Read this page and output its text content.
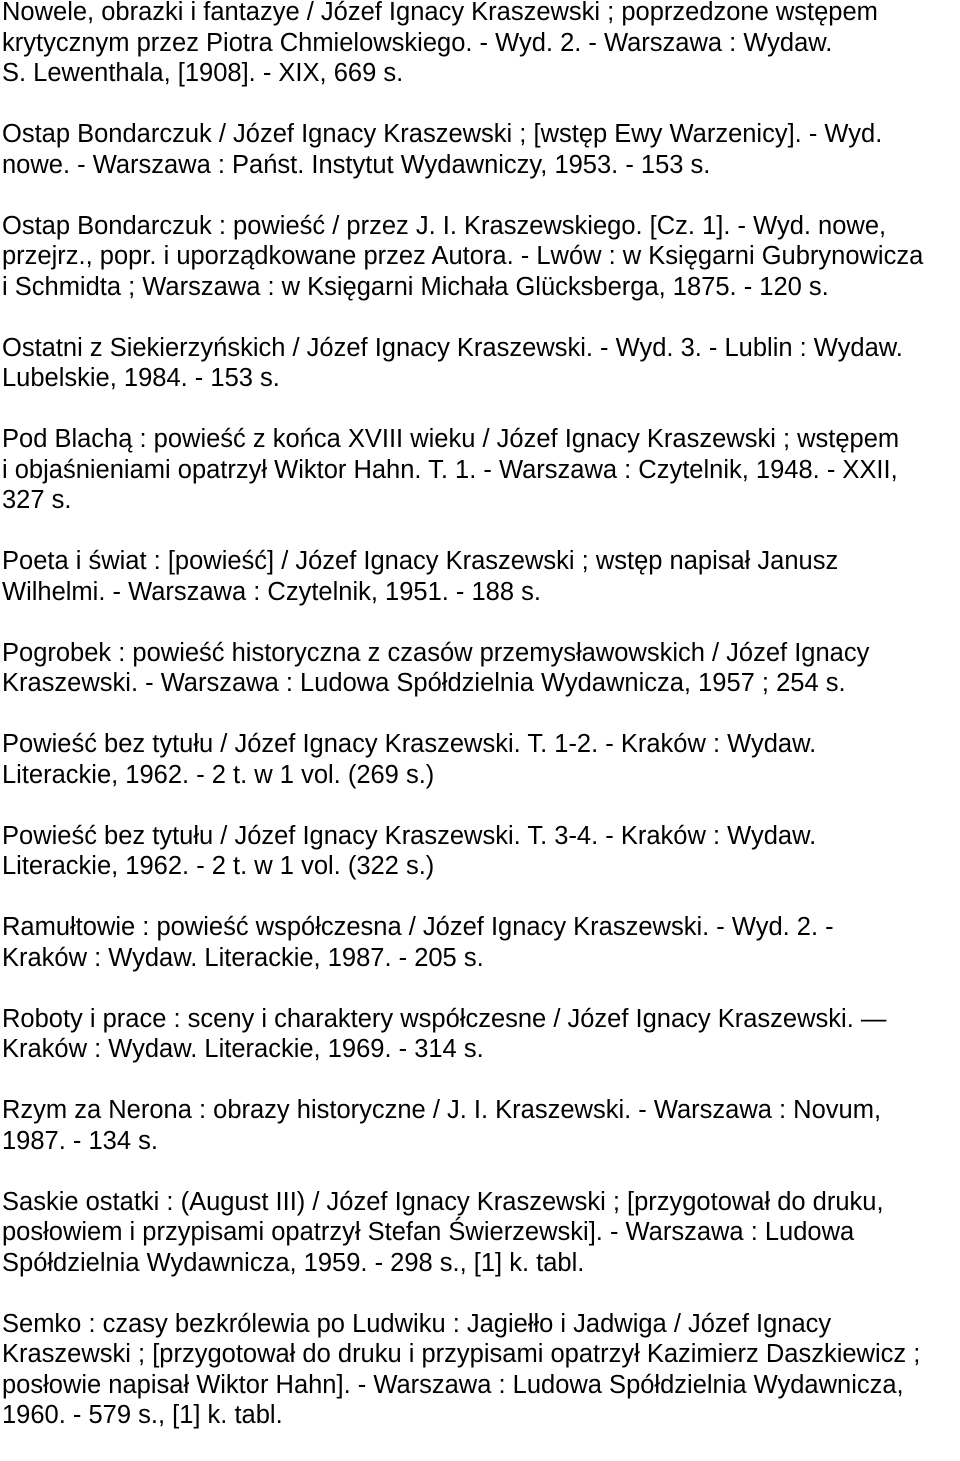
Nowele, obrazki i fantazye / Józef Ignacy Kraszewski ; poprzedzone wstępem
krytycznym przez Piotra Chmielowskiego. - Wyd. 2. - Warszawa : Wydaw.
S. Lewenthala, [1908]. - XIX, 669 s.
Ostap Bondarczuk / Józef Ignacy Kraszewski ; [wstęp Ewy Warzenicy]. - Wyd.
nowe. - Warszawa : Państ. Instytut Wydawniczy, 1953. - 153 s.
Ostap Bondarczuk : powieść / przez J. I. Kraszewskiego. [Cz. 1]. - Wyd. nowe,
przejrz., popr. i uporządkowane przez Autora. - Lwów : w Księgarni Gubrynowicza
i Schmidta ; Warszawa : w Księgarni Michała Glücksberga, 1875. - 120 s.
Ostatni z Siekierzyńskich / Józef Ignacy Kraszewski. - Wyd. 3. - Lublin : Wydaw.
Lubelskie, 1984. - 153 s.
Pod Blachą : powieść z końca XVIII wieku / Józef Ignacy Kraszewski ; wstępem
i objaśnieniami opatrzył Wiktor Hahn. T. 1. - Warszawa : Czytelnik, 1948. - XXII,
327 s.
Poeta i świat : [powieść] / Józef Ignacy Kraszewski ; wstęp napisał Janusz
Wilhelmi. - Warszawa : Czytelnik, 1951. - 188 s.
Pogrobek : powieść historyczna z czasów przemysławowskich / Józef Ignacy
Kraszewski. - Warszawa : Ludowa Spółdzielnia Wydawnicza, 1957 ; 254 s.
Powieść bez tytułu / Józef Ignacy Kraszewski. T. 1-2. - Kraków : Wydaw.
Literackie, 1962. - 2 t. w 1 vol. (269 s.)
Powieść bez tytułu / Józef Ignacy Kraszewski. T. 3-4. - Kraków : Wydaw.
Literackie, 1962. - 2 t. w 1 vol. (322 s.)
Ramułtowie : powieść współczesna / Józef Ignacy Kraszewski. - Wyd. 2. -
Kraków : Wydaw. Literackie, 1987. - 205 s.
Roboty i prace : sceny i charaktery współczesne / Józef Ignacy Kraszewski. —
Kraków : Wydaw. Literackie, 1969. - 314 s.
Rzym za Nerona : obrazy historyczne / J. I. Kraszewski. - Warszawa : Novum,
1987. - 134 s.
Saskie ostatki : (August III) / Józef Ignacy Kraszewski ; [przygotował do druku,
posłowiem i przypisami opatrzył Stefan Świerzewski]. - Warszawa : Ludowa
Spółdzielnia Wydawnicza, 1959. - 298 s., [1] k. tabl.
Semko : czasy bezkrólewia po Ludwiku : Jagiełło i Jadwiga / Józef Ignacy
Kraszewski ; [przygotował do druku i przypisami opatrzył Kazimierz Daszkiewicz ;
posłowie napisał Wiktor Hahn]. - Warszawa : Ludowa Spółdzielnia Wydawnicza,
1960. - 579 s., [1] k. tabl.
